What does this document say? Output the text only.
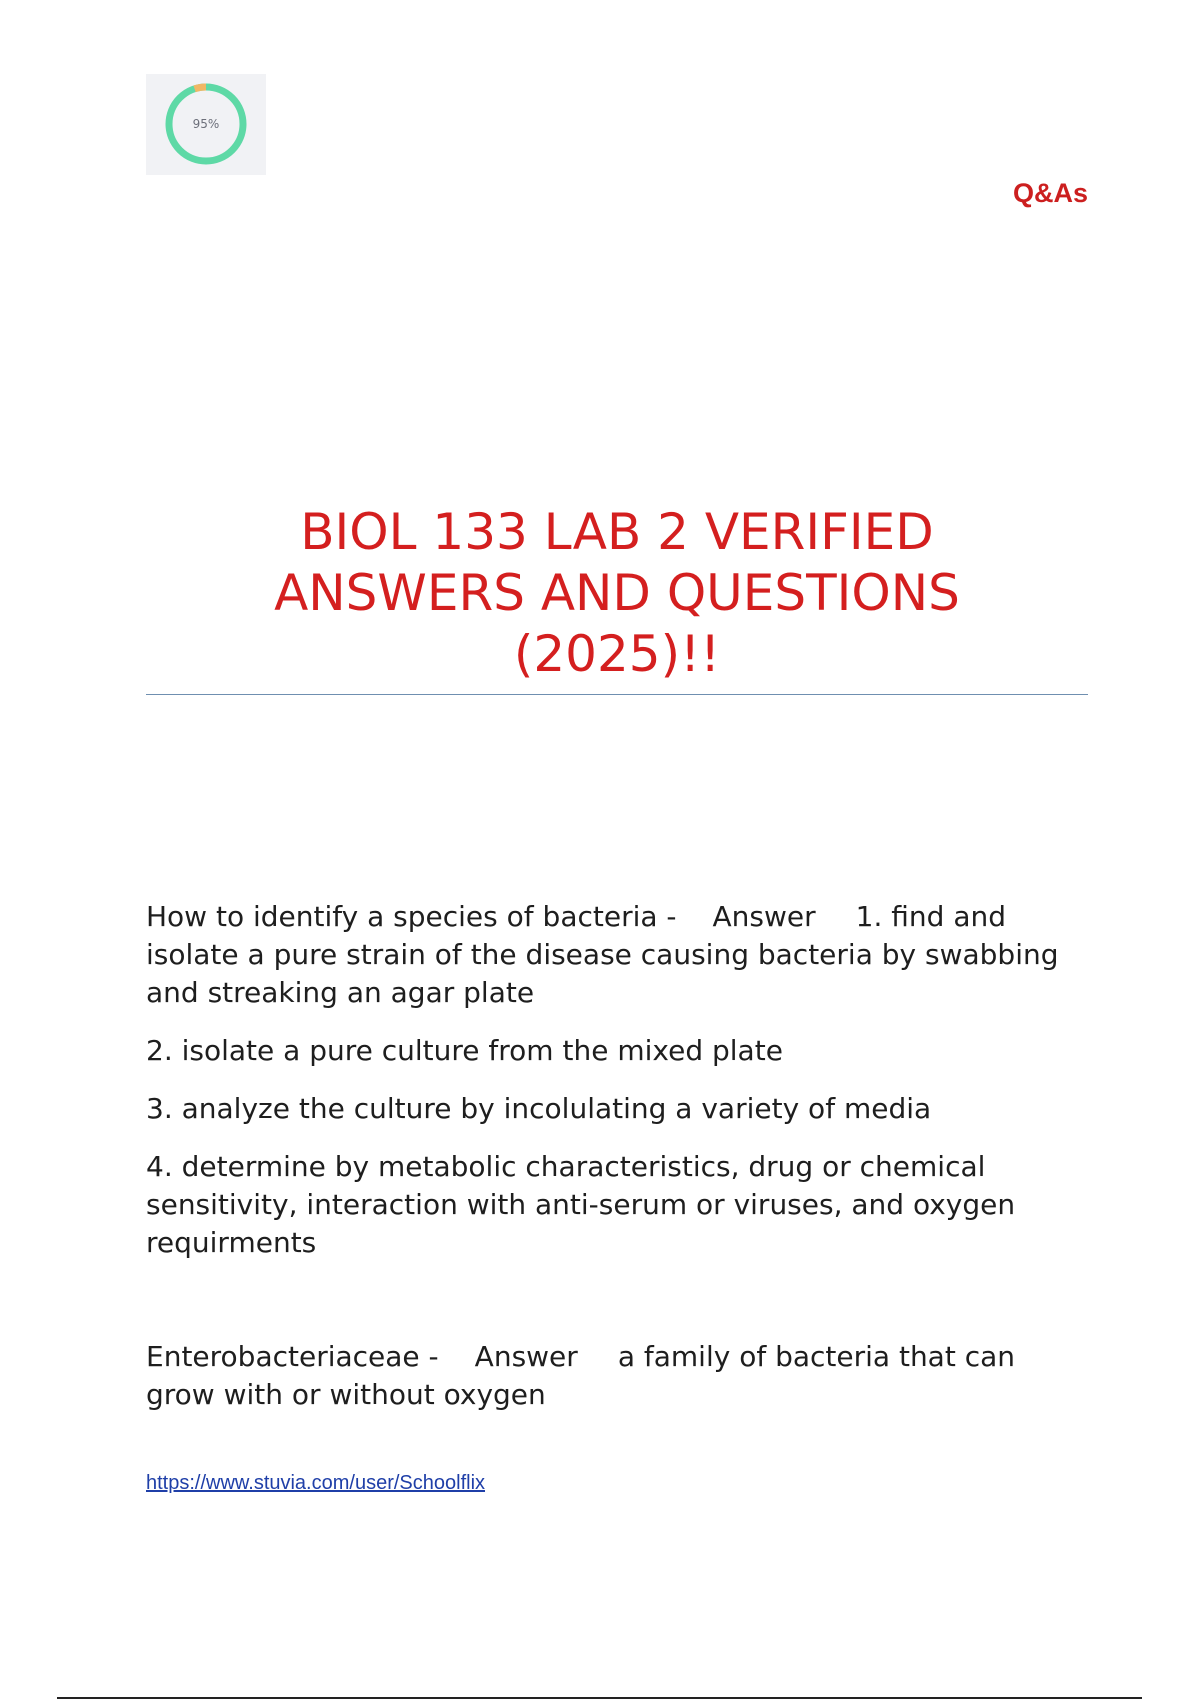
95%
Q&As
BIOL 133 LAB 2 VERIFIED
ANSWERS AND QUESTIONS
(2025)!!

How to identify a species of bacteria - Answer 1. find and isolate a pure strain of the disease causing bacteria by swabbing and streaking an agar plate

2. isolate a pure culture from the mixed plate

3. analyze the culture by incolulating a variety of media

4. determine by metabolic characteristics, drug or chemical sensitivity, interaction with anti-serum or viruses, and oxygen requirments

Enterobacteriaceae - Answer a family of bacteria that can grow with or without oxygen

https://www.stuvia.com/user/Schoolflix
